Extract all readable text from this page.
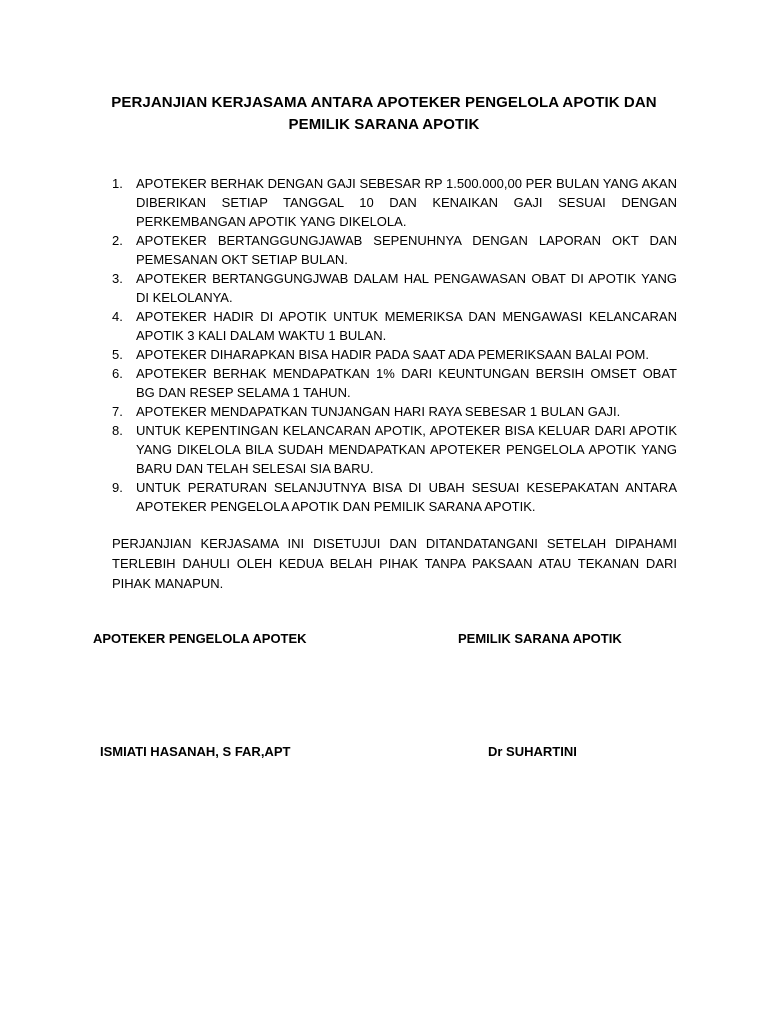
PERJANJIAN KERJASAMA ANTARA APOTEKER PENGELOLA APOTIK DAN PEMILIK SARANA APOTIK
1.	APOTEKER BERHAK DENGAN GAJI SEBESAR RP 1.500.000,00 PER BULAN YANG AKAN DIBERIKAN SETIAP TANGGAL 10 DAN KENAIKAN GAJI SESUAI DENGAN PERKEMBANGAN APOTIK YANG DIKELOLA.
2.	APOTEKER BERTANGGUNGJAWAB SEPENUHNYA DENGAN LAPORAN OKT DAN PEMESANAN OKT SETIAP BULAN.
3.	APOTEKER BERTANGGUNGJWAB DALAM HAL PENGAWASAN OBAT DI APOTIK YANG DI KELOLANYA.
4.	APOTEKER HADIR DI APOTIK UNTUK MEMERIKSA DAN MENGAWASI KELANCARAN APOTIK 3 KALI DALAM WAKTU 1 BULAN.
5.	APOTEKER DIHARAPKAN BISA HADIR PADA SAAT ADA PEMERIKSAAN BALAI POM.
6.	APOTEKER BERHAK MENDAPATKAN 1% DARI KEUNTUNGAN BERSIH OMSET OBAT BG DAN RESEP SELAMA 1 TAHUN.
7.	APOTEKER MENDAPATKAN TUNJANGAN HARI RAYA SEBESAR 1 BULAN GAJI.
8.	UNTUK KEPENTINGAN KELANCARAN APOTIK, APOTEKER BISA KELUAR DARI APOTIK YANG DIKELOLA BILA SUDAH MENDAPATKAN APOTEKER PENGELOLA APOTIK YANG BARU DAN TELAH SELESAI SIA BARU.
9.	UNTUK PERATURAN SELANJUTNYA BISA DI UBAH SESUAI KESEPAKATAN ANTARA APOTEKER PENGELOLA APOTIK DAN PEMILIK SARANA APOTIK.

PERJANJIAN KERJASAMA INI DISETUJUI DAN DITANDATANGANI SETELAH DIPAHAMI TERLEBIH DAHULI OLEH KEDUA BELAH PIHAK TANPA PAKSAAN ATAU TEKANAN DARI PIHAK MANAPUN.

APOTEKER PENGELOLA APOTEK	PEMILIK SARANA APOTIK
ISMIATI HASANAH, S FAR,APT	Dr SUHARTINI
